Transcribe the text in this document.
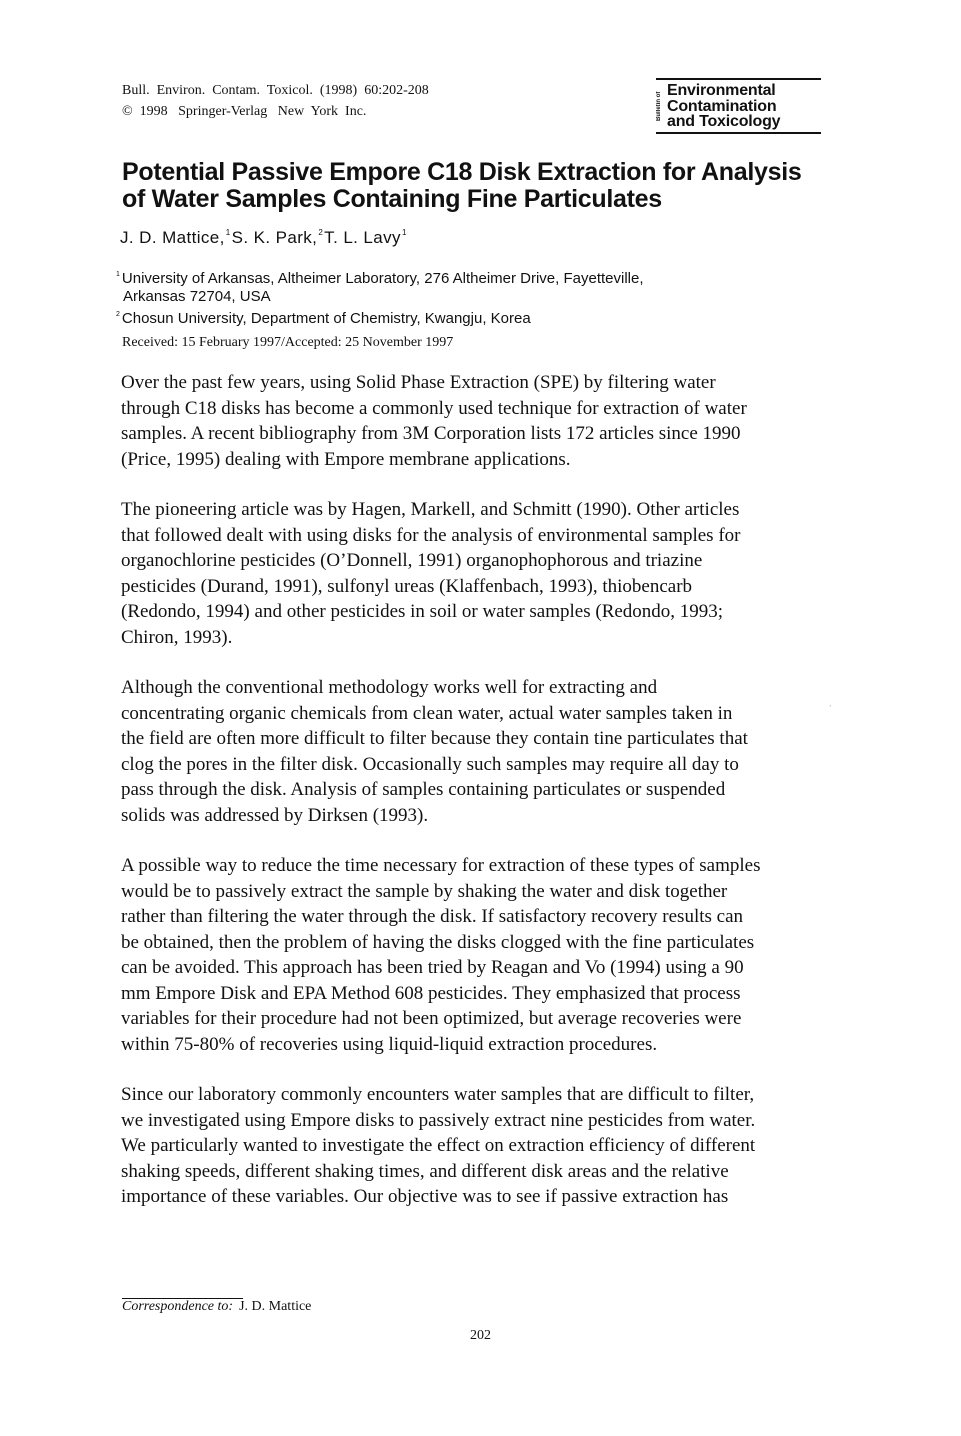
Bull.  Environ.  Contam.  Toxicol.  (1998)  60:202-208
©  1998   Springer-Verlag   New  York  Inc.	Bulletin of
Environmental
Contamination
and Toxicology
Potential Passive Empore C18 Disk Extraction for Analysis
of Water Samples Containing Fine Particulates
J. D. Mattice,$^1$S. K. Park,$^2$T. L. Lavy$^1$
$^1$ University of Arkansas, Altheimer Laboratory, 276 Altheimer Drive, Fayetteville,
Arkansas 72704, USA
$^2$ Chosun University, Department of Chemistry, Kwangju, Korea
Received: 15 February 1997/Accepted: 25 November 1997
Over the past few years, using Solid Phase Extraction (SPE) by filtering water
through C18 disks has become a commonly used technique for extraction of water
samples. A recent bibliography from 3M Corporation lists 172 articles since 1990
(Price, 1995) dealing with Empore membrane applications.
The pioneering article was by Hagen, Markell, and Schmitt (1990). Other articles
that followed dealt with using disks for the analysis of environmental samples for
organochlorine pesticides (O’Donnell, 1991) organophophorous and triazine
pesticides (Durand, 1991), sulfonyl ureas (Klaffenbach, 1993), thiobencarb
(Redondo, 1994) and other pesticides in soil or water samples (Redondo, 1993;
Chiron, 1993).
Although the conventional methodology works well for extracting and
concentrating organic chemicals from clean water, actual water samples taken in
the field are often more difficult to filter because they contain tine particulates that
clog the pores in the filter disk. Occasionally such samples may require all day to
pass through the disk. Analysis of samples containing particulates or suspended
solids was addressed by Dirksen (1993).
`
A possible way to reduce the time necessary for extraction of these types of samples
would be to passively extract the sample by shaking the water and disk together
rather than filtering the water through the disk. If satisfactory recovery results can
be obtained, then the problem of having the disks clogged with the fine particulates
can be avoided. This approach has been tried by Reagan and Vo (1994) using a 90
mm Empore Disk and EPA Method 608 pesticides. They emphasized that process
variables for their procedure had not been optimized, but average recoveries were
within 75-80% of recoveries using liquid-liquid extraction procedures.
Since our laboratory commonly encounters water samples that are difficult to filter,
we investigated using Empore disks to passively extract nine pesticides from water.
We particularly wanted to investigate the effect on extraction efficiency of different
shaking speeds, different shaking times, and different disk areas and the relative
importance of these variables. Our objective was to see if passive extraction has
Correspondence to: J. D. Mattice
202
